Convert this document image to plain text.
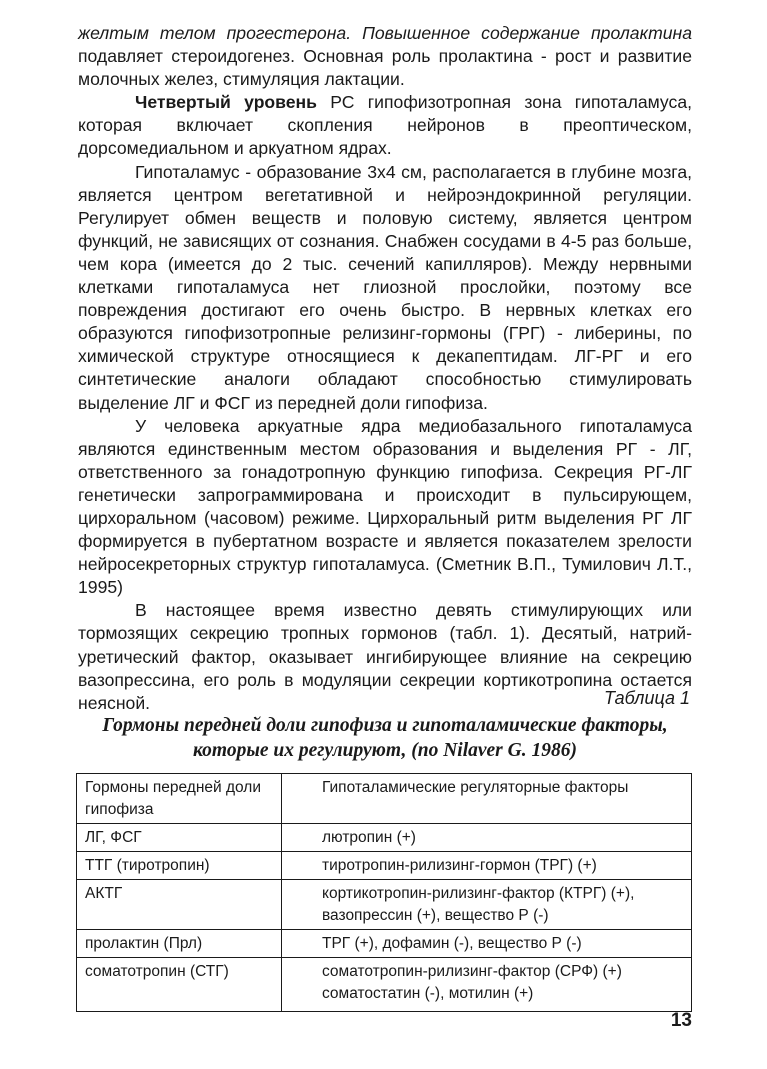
желтым телом прогестерона. Повышенное содержание пролактина подавляет стероидогенез. Основная роль пролактина - рост и развитие молочных желез, стимуляция лактации.

Четвертый уровень РС гипофизотропная зона гипоталамуса, которая включает скопления нейронов в преоптическом, дорсомедиальном и аркуатном ядрах.

Гипоталамус - образование 3х4 см, располагается в глубине мозга, является центром вегетативной и нейроэндокринной регуляции. Регулирует обмен веществ и половую систему, является центром функций, не зависящих от сознания. Снабжен сосудами в 4-5 раз больше, чем кора (имеется до 2 тыс. сечений капилляров). Между нервными клетками гипоталамуса нет глиозной прослойки, поэтому все повреждения достигают его очень быстро. В нервных клетках его образуются гипофизотропные релизинг-гормоны (ГРГ) - либерины, по химической структуре относящиеся к декапептидам. ЛГ-РГ и его синтетические аналоги обладают способностью стимулировать выделение ЛГ и ФСГ из передней доли гипофиза.

У человека аркуатные ядра медиобазального гипоталамуса являются единственным местом образования и выделения РГ - ЛГ, ответственного за гонадотропную функцию гипофиза. Секреция РГ-ЛГ генетически запрограммирована и происходит в пульсирующем, цирхоральном (часовом) режиме. Цирхоральный ритм выделения РГ ЛГ формируется в пубертатном возрасте и является показателем зрелости нейросекреторных структур гипоталамуса. (Сметник В.П., Тумилович Л.Т., 1995)

В настоящее время известно девять стимулирующих или тормозящих секрецию тропных гормонов (табл. 1). Десятый, натрий-уретический фактор, оказывает ингибирующее влияние на секрецию вазопрессина, его роль в модуляции секреции кортикотропина остается неясной.	Таблица 1
Гормоны передней доли гипофиза и гипоталамические факторы, которые их регулируют, (по Nilaver G. 1986)
Гормоны передней доли гипофиза	Гипоталамические регуляторные факторы
ЛГ, ФСГ	лютропин (+)
ТТГ (тиротропин)	тиротропин-рилизинг-гормон (ТРГ) (+)
АКТГ	кортикотропин-рилизинг-фактор (КТРГ) (+), вазопрессин (+), вещество Р (-)
пролактин (Прл)	ТРГ (+), дофамин (-), вещество Р (-)
соматотропин (СТГ)	соматотропин-рилизинг-фактор (СРФ) (+) соматостатин (-), мотилин (+)
13
